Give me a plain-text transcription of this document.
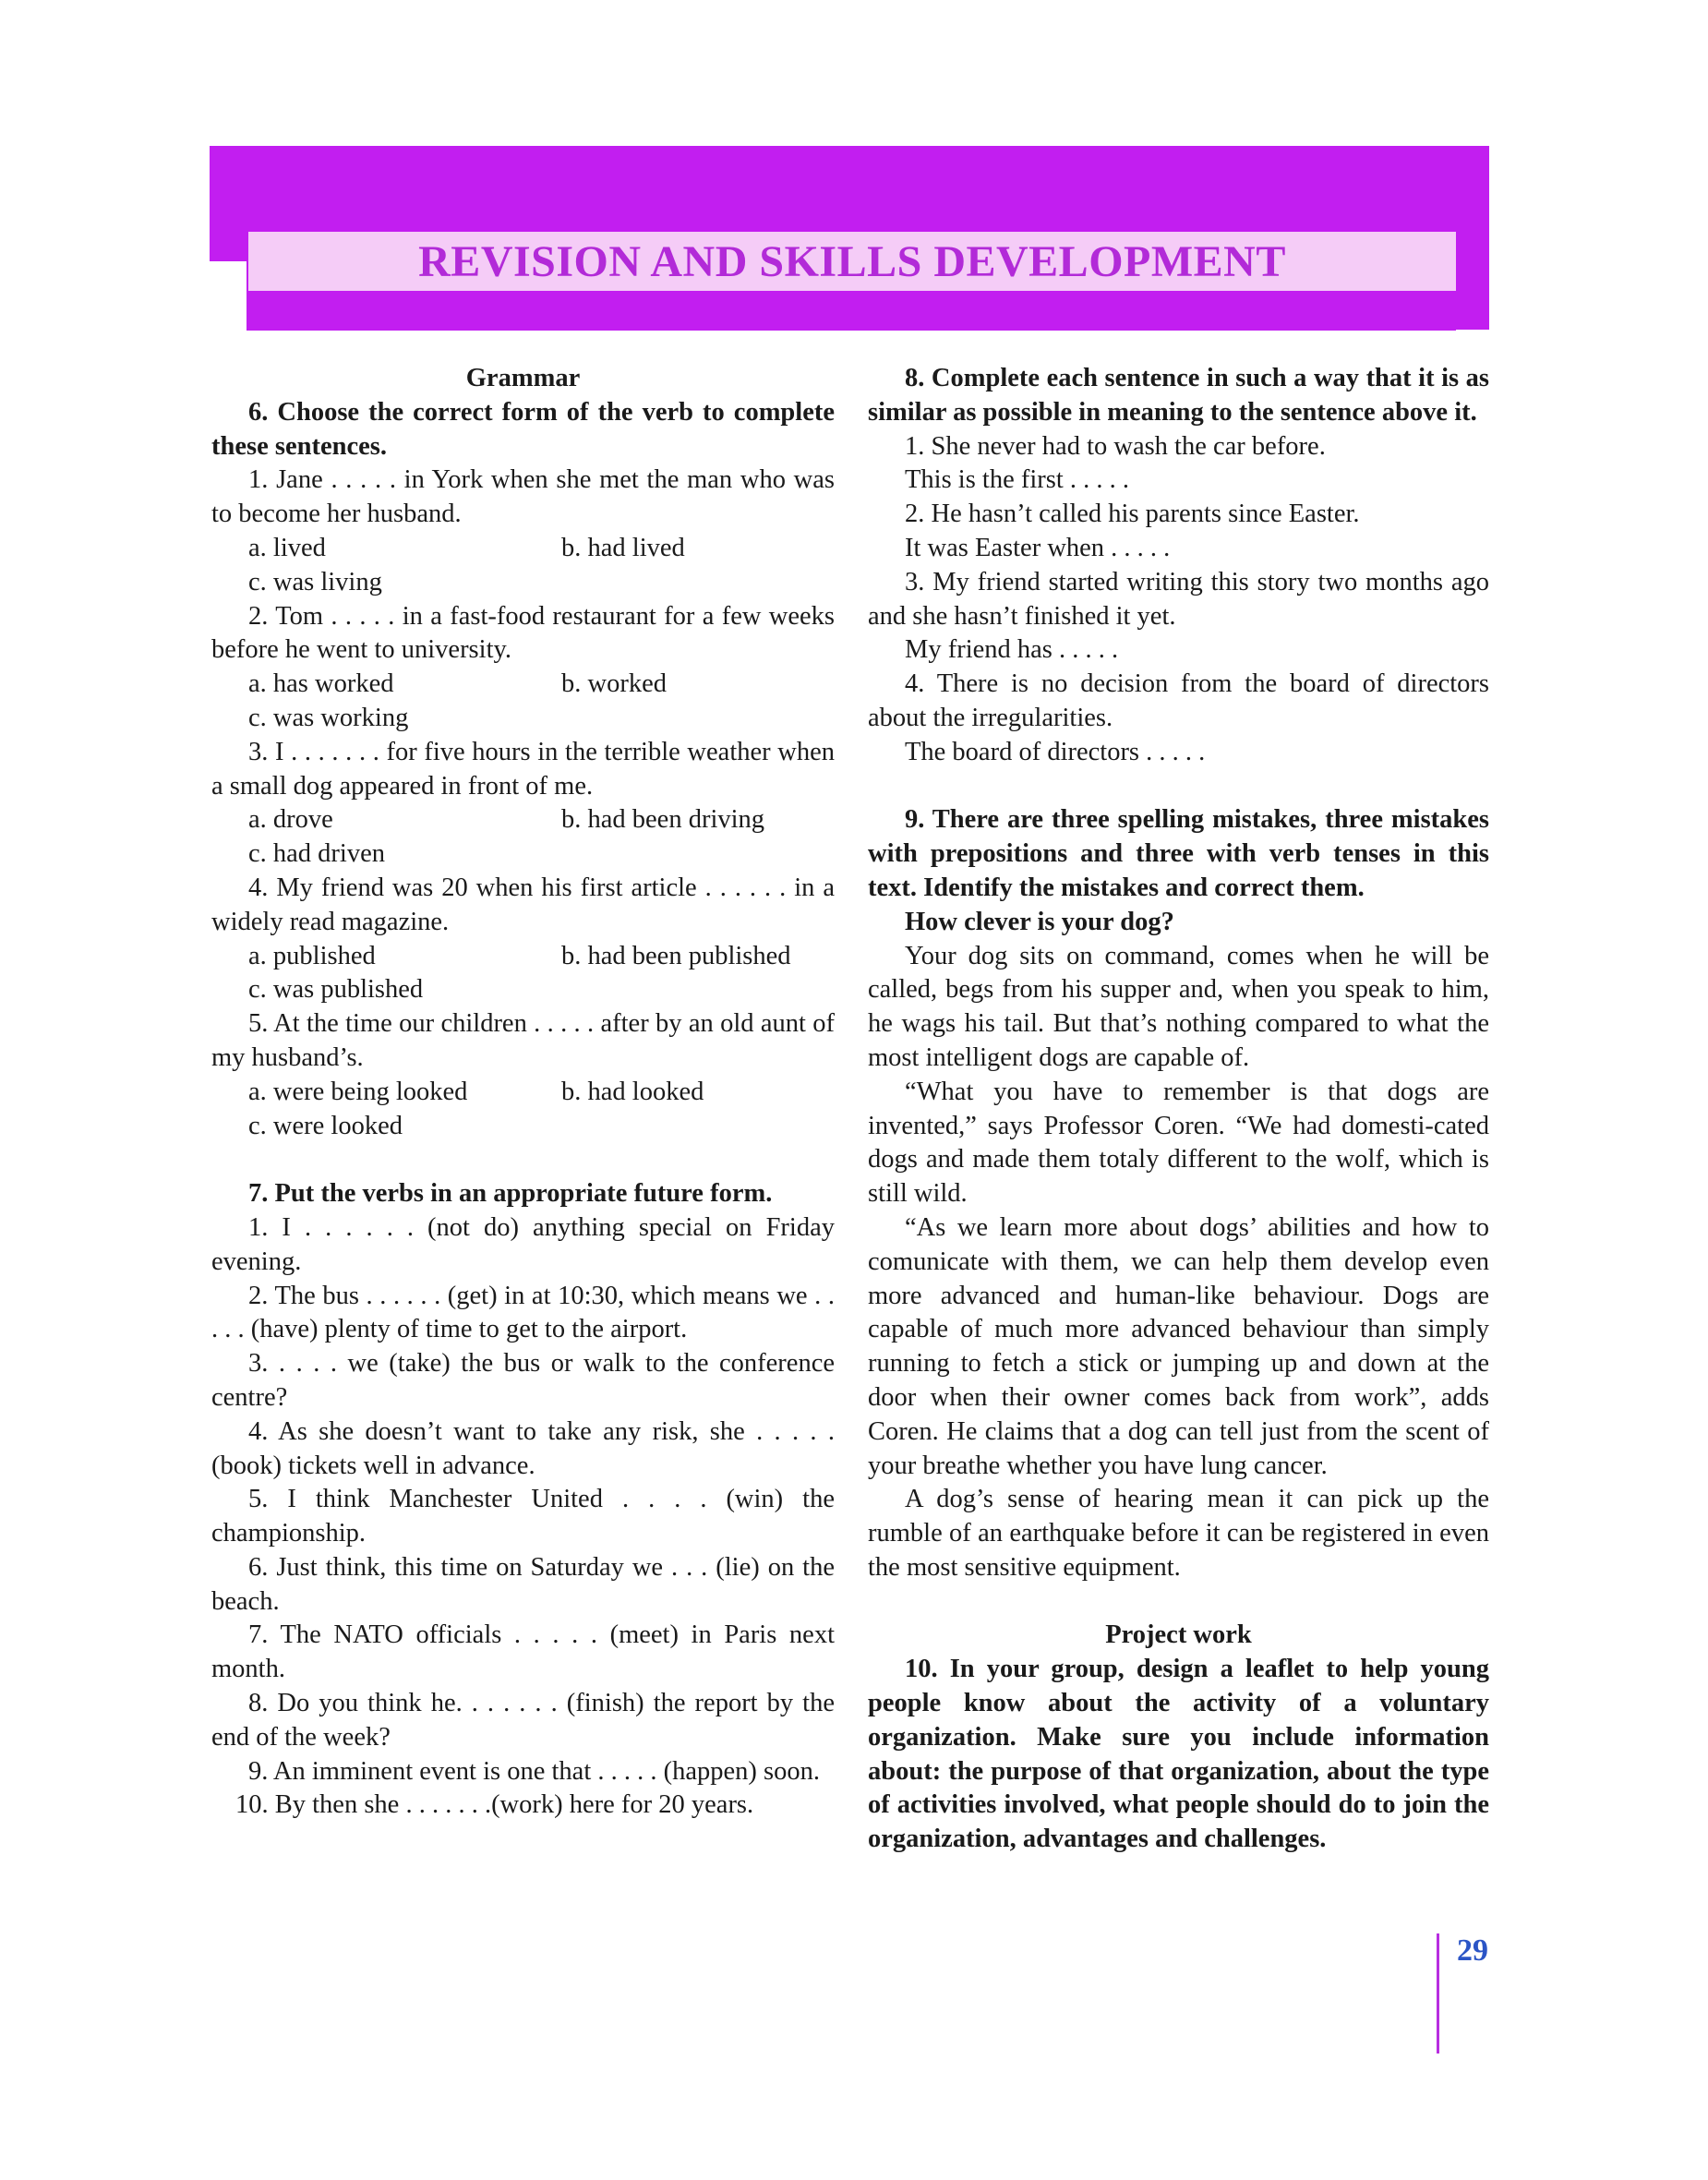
REVISION AND SKILLS DEVELOPMENT

Grammar

6. Choose the correct form of the verb to complete these sentences.

1. Jane . . . . . in York when she met the man who was to become her husband.

a. lived	b. had lived
c. was living

2. Tom . . . . . in a fast-food restaurant for a few weeks before he went to university.

a. has worked	b. worked
c. was working

3. I . . . . . . . for five hours in the terrible weather when a small dog appeared in front of me.

a. drove	b. had been driving
c. had driven

4. My friend was 20 when his first article . . . . . . in a widely read magazine.

a. published	b. had been published
c. was published

5. At the time our children . . . . . after by an old aunt of my husband’s.

a. were being looked	b. had looked
c. were looked

7. Put the verbs in an appropriate future form.

1. I . . . . . . (not do) anything special on Friday evening.

2. The bus . . . . . . (get) in at 10:30, which means we . . . . . (have) plenty of time to get to the airport.

3. . . . . we (take) the bus or walk to the conference centre?

4. As she doesn’t want to take any risk, she . . . . . (book) tickets well in advance.

5. I think Manchester United . . . . (win) the championship.

6. Just think, this time on Saturday we . . . (lie) on the beach.

7. The NATO officials . . . . . (meet) in Paris next month.

8. Do you think he. . . . . . . (finish) the report by the end of the week?

9. An imminent event is one that . . . . . (happen) soon.

10. By then she . . . . . . .(work) here for 20 years.

8. Complete each sentence in such a way that it is as similar as possible in meaning to the sentence above it.

1. She never had to wash the car before.

This is the first . . . . .

2. He hasn’t called his parents since Easter.

It was Easter when . . . . .

3. My friend started writing this story two months ago and she hasn’t finished it yet.

My friend has . . . . .

4. There is no decision from the board of directors about the irregularities.

The board of directors . . . . .

9. There are three spelling mistakes, three mistakes with prepositions and three with verb tenses in this text. Identify the mistakes and correct them.

How clever is your dog?

Your dog sits on command, comes when he will be called, begs from his supper and, when you speak to him, he wags his tail. But that’s nothing compared to what the most intelligent dogs are capable of.

“What you have to remember is that dogs are invented,” says Professor Coren. “We had domesti-cated dogs and made them totaly different to the wolf, which is still wild.

“As we learn more about dogs’ abilities and how to comunicate with them, we can help them develop even more advanced and human-like behaviour. Dogs are capable of much more advanced behaviour than simply running to fetch a stick or jumping up and down at the door when their owner comes back from work”, adds Coren. He claims that a dog can tell just from the scent of your breathe whether you have lung cancer.

A dog’s sense of hearing mean it can pick up the rumble of an earthquake before it can be registered in even the most sensitive equipment.

Project work

10. In your group, design a leaflet to help young people know about the activity of a voluntary organization. Make sure you include information about: the purpose of that organization, about the type of activities involved, what people should do to join the organization, advantages and challenges.

29
